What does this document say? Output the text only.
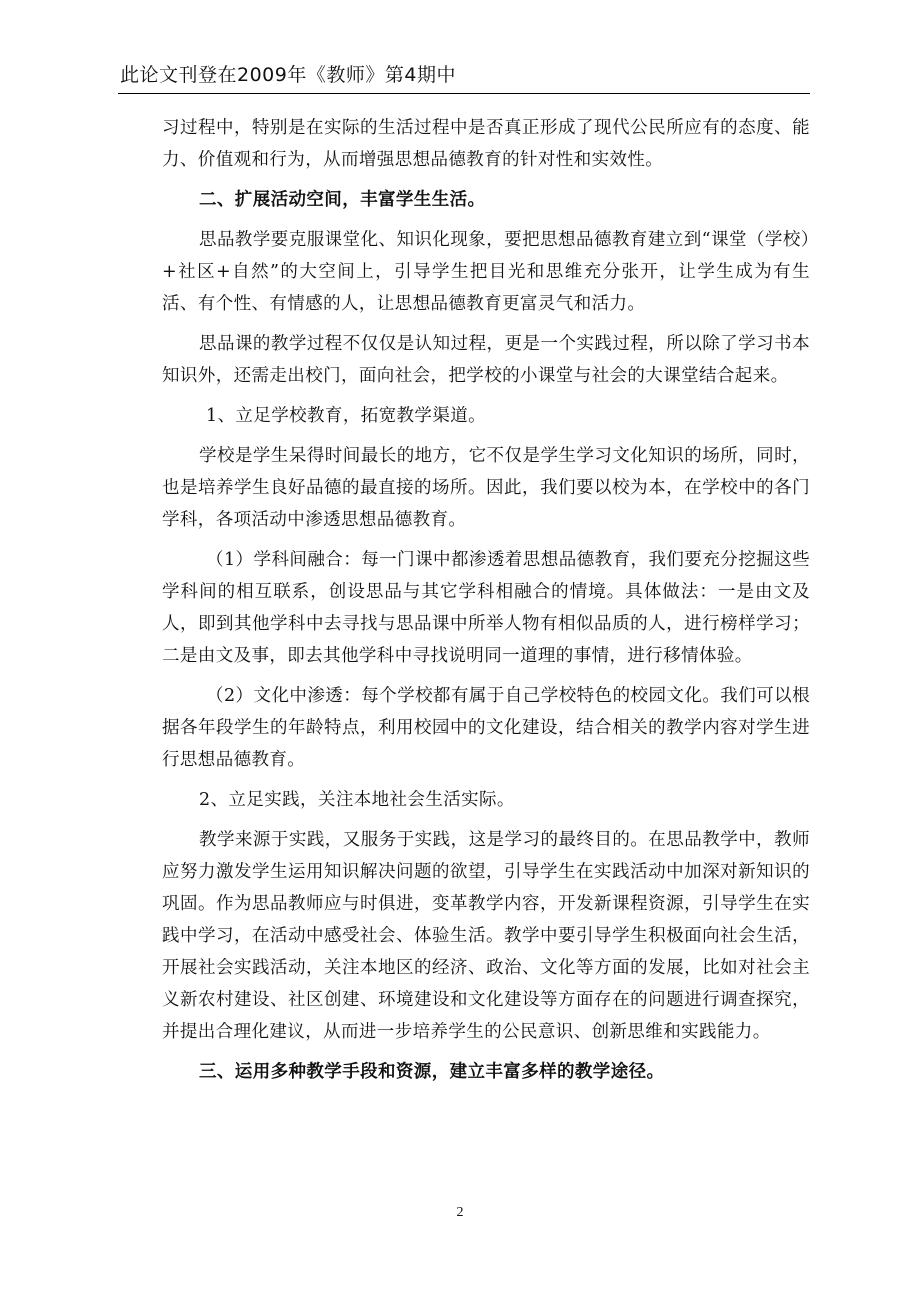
此论文刊登在2009年《教师》第4期中

习过程中，特别是在实际的生活过程中是否真正形成了现代公民所应有的态度、能力、价值观和行为，从而增强思想品德教育的针对性和实效性。

二、扩展活动空间，丰富学生生活。

思品教学要克服课堂化、知识化现象，要把思想品德教育建立到“课堂（学校）+社区+自然”的大空间上，引导学生把目光和思维充分张开，让学生成为有生活、有个性、有情感的人，让思想品德教育更富灵气和活力。

思品课的教学过程不仅仅是认知过程，更是一个实践过程，所以除了学习书本知识外，还需走出校门，面向社会，把学校的小课堂与社会的大课堂结合起来。

1、立足学校教育，拓宽教学渠道。

学校是学生呆得时间最长的地方，它不仅是学生学习文化知识的场所，同时，也是培养学生良好品德的最直接的场所。因此，我们要以校为本，在学校中的各门学科，各项活动中渗透思想品德教育。

（1）学科间融合：每一门课中都渗透着思想品德教育，我们要充分挖掘这些学科间的相互联系，创设思品与其它学科相融合的情境。具体做法：一是由文及人，即到其他学科中去寻找与思品课中所举人物有相似品质的人，进行榜样学习；二是由文及事，即去其他学科中寻找说明同一道理的事情，进行移情体验。

（2）文化中渗透：每个学校都有属于自己学校特色的校园文化。我们可以根据各年段学生的年龄特点，利用校园中的文化建设，结合相关的教学内容对学生进行思想品德教育。

2、立足实践，关注本地社会生活实际。

教学来源于实践，又服务于实践，这是学习的最终目的。在思品教学中，教师应努力激发学生运用知识解决问题的欲望，引导学生在实践活动中加深对新知识的巩固。作为思品教师应与时俱进，变革教学内容，开发新课程资源，引导学生在实践中学习，在活动中感受社会、体验生活。教学中要引导学生积极面向社会生活，开展社会实践活动，关注本地区的经济、政治、文化等方面的发展，比如对社会主义新农村建设、社区创建、环境建设和文化建设等方面存在的问题进行调查探究，并提出合理化建议，从而进一步培养学生的公民意识、创新思维和实践能力。

三、运用多种教学手段和资源，建立丰富多样的教学途径。

2
